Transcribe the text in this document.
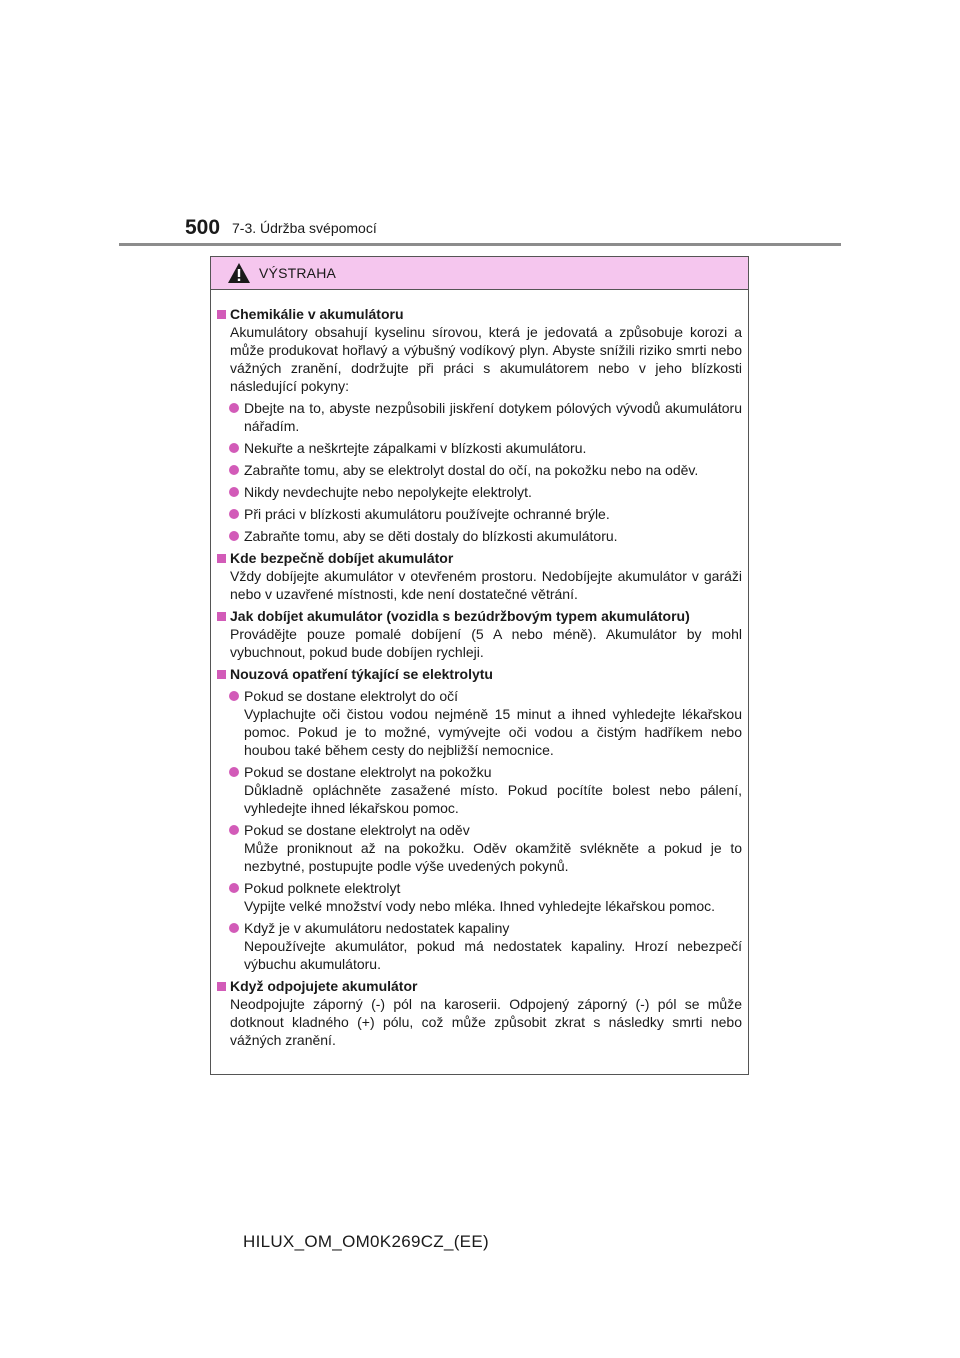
500 7-3. Údržba svépomocí
VÝSTRAHA
Chemikálie v akumulátoru
Akumulátory obsahují kyselinu sírovou, která je jedovatá a způsobuje korozi a může produkovat hořlavý a výbušný vodíkový plyn. Abyste snížili riziko smrti nebo vážných zranění, dodržujte při práci s akumulátorem nebo v jeho blízkosti následující pokyny:
Dbejte na to, abyste nezpůsobili jiskření dotykem pólových vývodů akumulátoru nářadím.
Nekuřte a neškrtejte zápalkami v blízkosti akumulátoru.
Zabraňte tomu, aby se elektrolyt dostal do očí, na pokožku nebo na oděv.
Nikdy nevdechujte nebo nepolykejte elektrolyt.
Při práci v blízkosti akumulátoru používejte ochranné brýle.
Zabraňte tomu, aby se děti dostaly do blízkosti akumulátoru.
Kde bezpečně dobíjet akumulátor
Vždy dobíjejte akumulátor v otevřeném prostoru. Nedobíjejte akumulátor v garáži nebo v uzavřené místnosti, kde není dostatečné větrání.
Jak dobíjet akumulátor (vozidla s bezúdržbovým typem akumulátoru)
Provádějte pouze pomalé dobíjení (5 A nebo méně). Akumulátor by mohl vybuchnout, pokud bude dobíjen rychleji.
Nouzová opatření týkající se elektrolytu
Pokud se dostane elektrolyt do očí
Vyplachujte oči čistou vodou nejméně 15 minut a ihned vyhledejte lékařskou pomoc. Pokud je to možné, vymývejte oči vodou a čistým hadříkem nebo houbou také během cesty do nejbližší nemocnice.
Pokud se dostane elektrolyt na pokožku
Důkladně opláchněte zasažené místo. Pokud pocítíte bolest nebo pálení, vyhledejte ihned lékařskou pomoc.
Pokud se dostane elektrolyt na oděv
Může proniknout až na pokožku. Oděv okamžitě svlékněte a pokud je to nezbytné, postupujte podle výše uvedených pokynů.
Pokud polknete elektrolyt
Vypijte velké množství vody nebo mléka. Ihned vyhledejte lékařskou pomoc.
Když je v akumulátoru nedostatek kapaliny
Nepoužívejte akumulátor, pokud má nedostatek kapaliny. Hrozí nebezpečí výbuchu akumulátoru.
Když odpojujete akumulátor
Neodpojujte záporný (-) pól na karoserii. Odpojený záporný (-) pól se může dotknout kladného (+) pólu, což může způsobit zkrat s následky smrti nebo vážných zranění.
HILUX_OM_OM0K269CZ_(EE)
